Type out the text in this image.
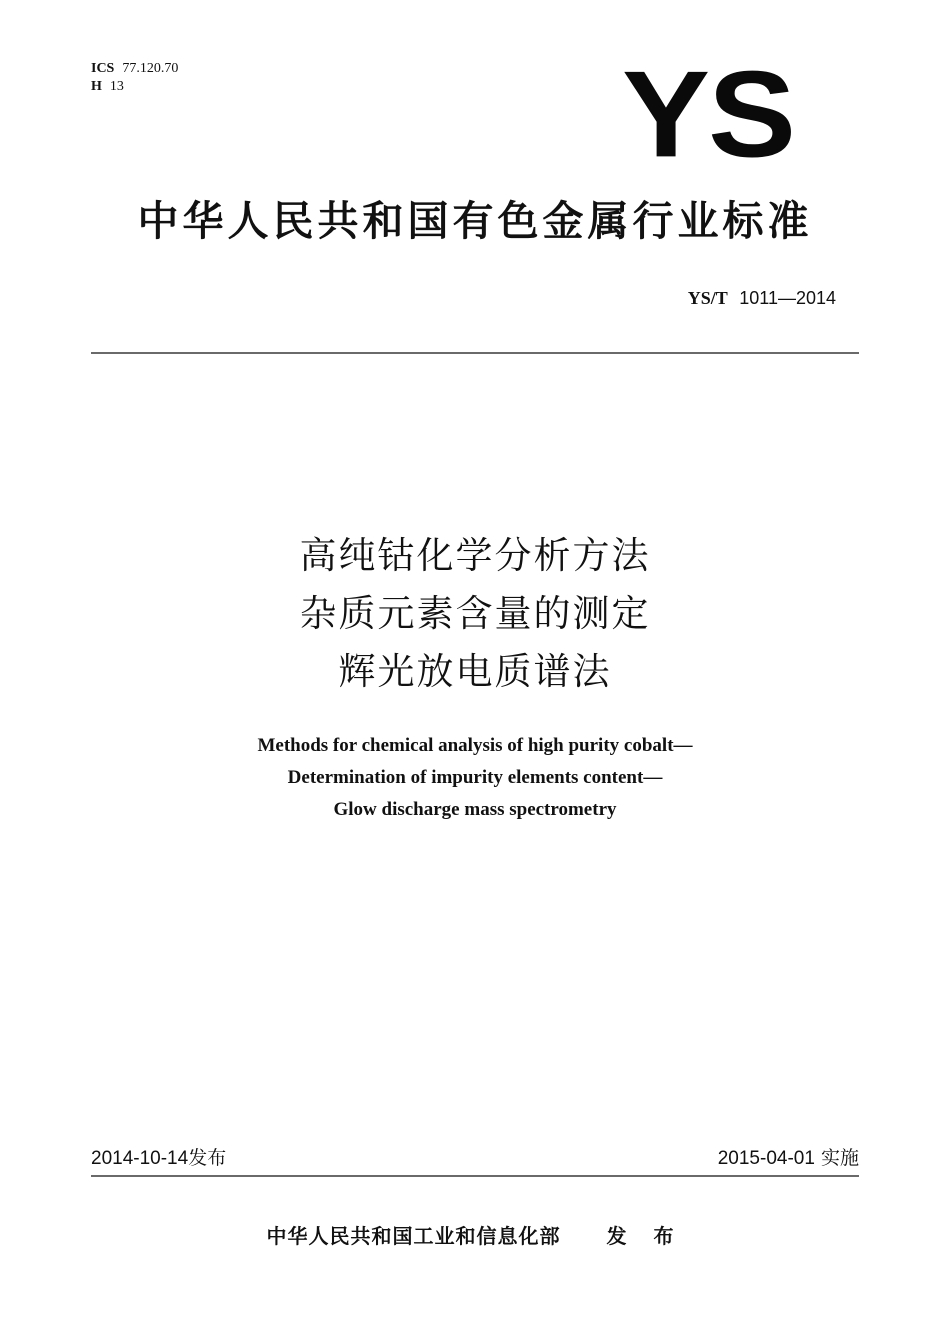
ICS 77.120.70
H 13	YS
中华人民共和国有色金属行业标准
YS/T 1011—2014
高纯钴化学分析方法
杂质元素含量的测定
辉光放电质谱法
Methods for chemical analysis of high purity cobalt—
Determination of impurity elements content—
Glow discharge mass spectrometry
2014-10-14发布	2015-04-01 实施
中华人民共和国工业和信息化部 发 布
